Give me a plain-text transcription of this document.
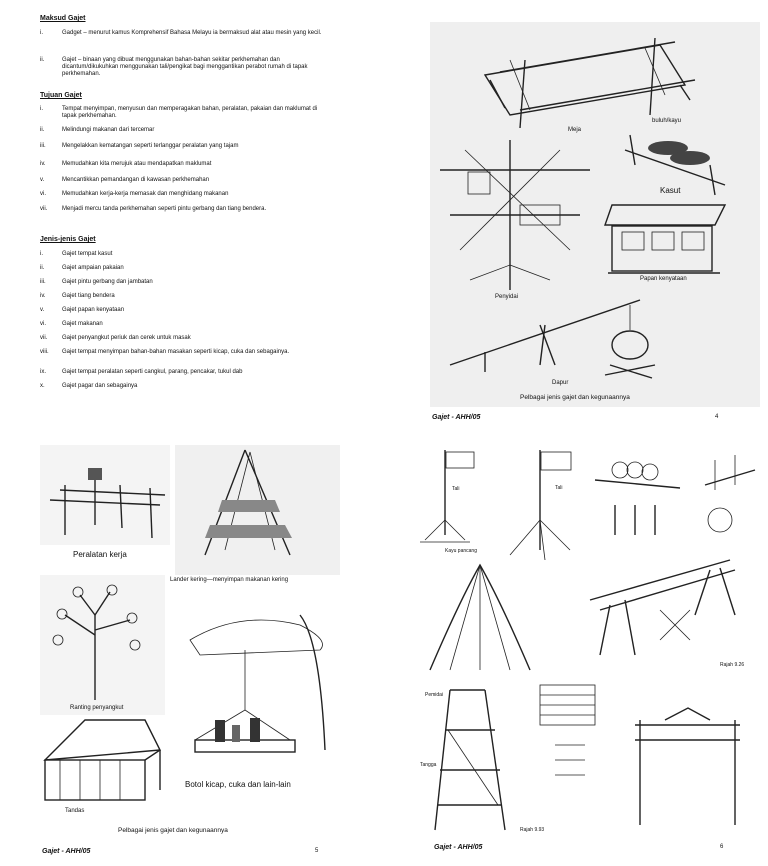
Maksud Gajet
i.	Gadget – menurut kamus Komprehensif Bahasa Melayu ia bermaksud alat atau mesin yang kecil.
ii.	Gajet – binaan yang dibuat menggunakan bahan-bahan sekitar perkhemahan dan dicantum/dikukuhkan menggunakan tali/pengikat bagi menggantikan perabot rumah di tapak perkhemahan.
Tujuan Gajet
i.	Tempat menyimpan, menyusun dan memperagakan bahan, peralatan, pakaian dan maklumat di tapak perkhemahan.
ii.	Melindungi makanan dari tercemar
iii.	Mengelakkan kematangan seperti terlanggar peralatan yang tajam
iv.	Memudahkan kita merujuk atau mendapatkan maklumat
v.	Mencantikkan pemandangan di kawasan perkhemahan
vi.	Memudahkan kerja-kerja memasak dan menghidang makanan
vii. Menjadi mercu tanda perkhemahan seperti pintu gerbang dan tiang bendera.
Jenis-jenis Gajet
i.	Gajet tempat kasut
ii.	Gajet ampaian pakaian
iii.	Gajet pintu gerbang dan jambatan
iv.	Gajet tiang bendera
v.	Gajet papan kenyataan
vi.	Gajet makanan
vii. Gajet penyangkut periuk dan cerek untuk masak
viii. Gajet tempat menyimpan bahan-bahan masakan seperti kicap, cuka dan sebagainya.
ix.	Gajet tempat peralatan seperti cangkul, parang, pencakar, tukul dab
x.	Gajet pagar dan sebagainya
Meja
buluh/kayu
Kasut
Penyidai
Papan kenyataan
Dapur
Pelbagai jenis gajet dan kegunaannya
Gajet - AHH/05	4
Peralatan kerja
Lander kering—menyimpan makanan kering
Ranting penyangkut
Botol kicap, cuka dan lain-lain
Tandas
Pelbagai jenis gajet dan kegunaannya
Gajet - AHH/05	5
Tali	Tali
Kayu pancang
Rajah 9.26
Rajah 9.93
Pemidai
Tangga
Gajet - AHH/05	6
